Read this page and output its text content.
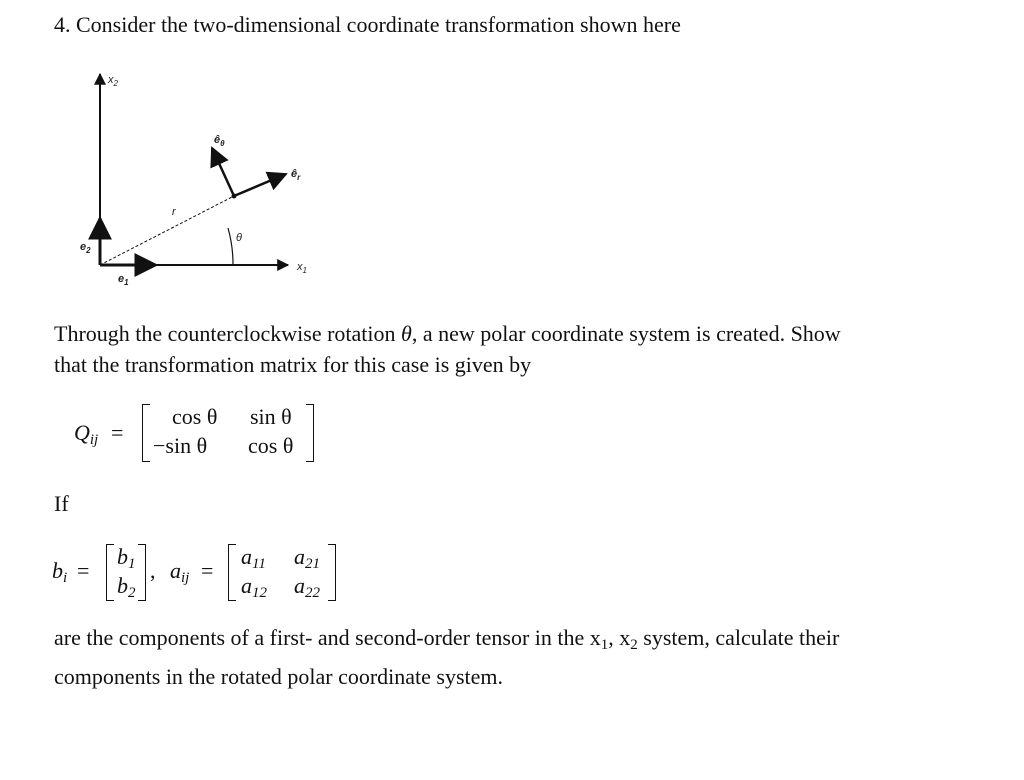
4. Consider the two-dimensional coordinate transformation shown here
$x_2$
$x_1$
$e_2$
$e_1$
$ê_\theta$
$ê_r$
r
θ
Through the counterclockwise rotation θ, a new polar coordinate system is created. Show
that the transformation matrix for this case is given by
$Q_{ij}$ =
cos θ sin θ
−sin θ cos θ
If
$b_i$ =
$b_1$
$b_2$
, $a_{ij}$ =
$a_{11}$ $a_{21}$
$a_{12}$ $a_{22}$
are the components of a first- and second-order tensor in the $x_1$, $x_2$ system, calculate their
components in the rotated polar coordinate system.
